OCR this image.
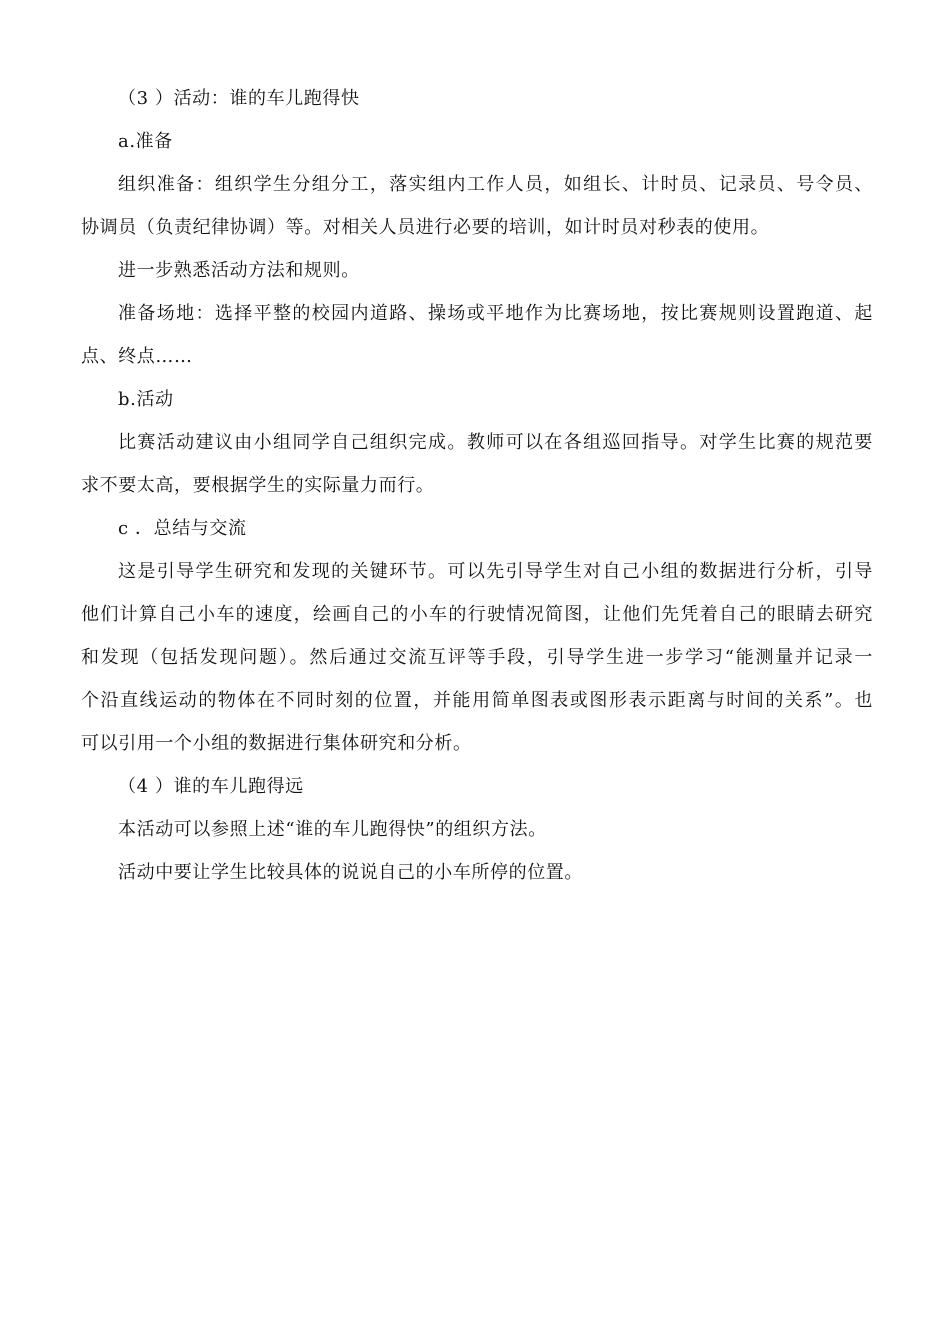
（3 ）活动：谁的车儿跑得快
a.准备
组织准备：组织学生分组分工，落实组内工作人员，如组长、计时员、记录员、号令员、
协调员（负责纪律协调）等。对相关人员进行必要的培训，如计时员对秒表的使用。
进一步熟悉活动方法和规则。
准备场地：选择平整的校园内道路、操场或平地作为比赛场地，按比赛规则设置跑道、起
点、终点……
b.活动
比赛活动建议由小组同学自己组织完成。教师可以在各组巡回指导。对学生比赛的规范要
求不要太高，要根据学生的实际量力而行。
c ．总结与交流
这是引导学生研究和发现的关键环节。可以先引导学生对自己小组的数据进行分析，引导
他们计算自己小车的速度，绘画自己的小车的行驶情况简图，让他们先凭着自己的眼睛去研究
和发现（包括发现问题）。然后通过交流互评等手段，引导学生进一步学习“能测量并记录一
个沿直线运动的物体在不同时刻的位置，并能用简单图表或图形表示距离与时间的关系”。也
可以引用一个小组的数据进行集体研究和分析。
（4 ）谁的车儿跑得远
本活动可以参照上述“谁的车儿跑得快”的组织方法。
活动中要让学生比较具体的说说自己的小车所停的位置。
